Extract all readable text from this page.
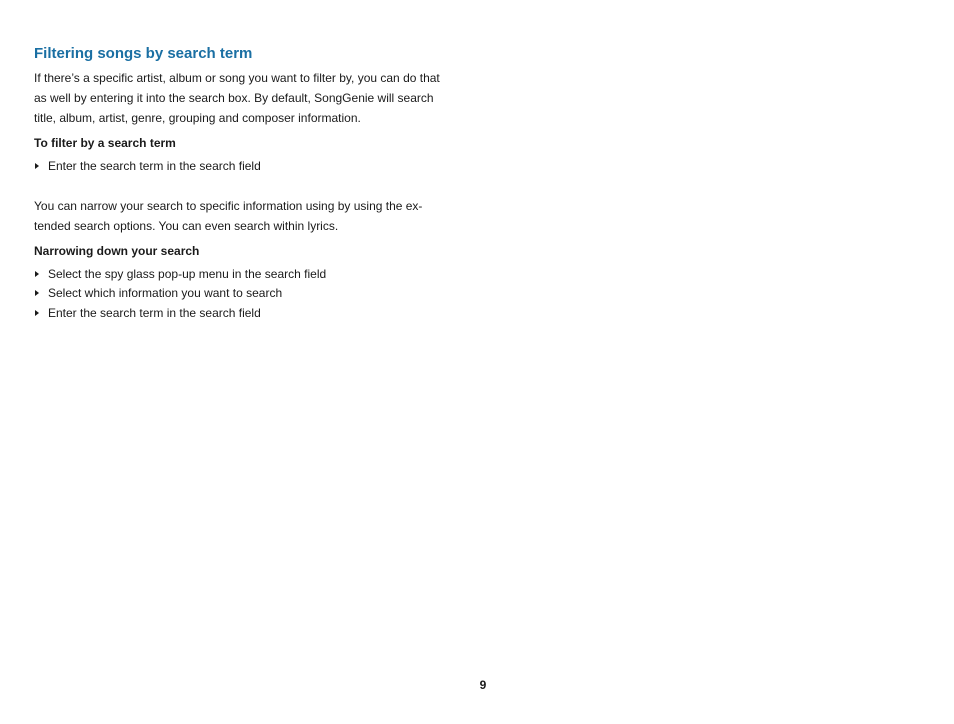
Filtering songs by search term

If there’s a specific artist, album or song you want to filter by, you can do that
as well by entering it into the search box. By default, SongGenie will search
title, album, artist, genre, grouping and composer information.

To filter by a search term
Enter the search term in the search field

You can narrow your search to specific information using by using the ex-
tended search options. You can even search within lyrics.

Narrowing down your search
Select the spy glass pop-up menu in the search field
Select which information you want to search
Enter the search term in the search field
9
